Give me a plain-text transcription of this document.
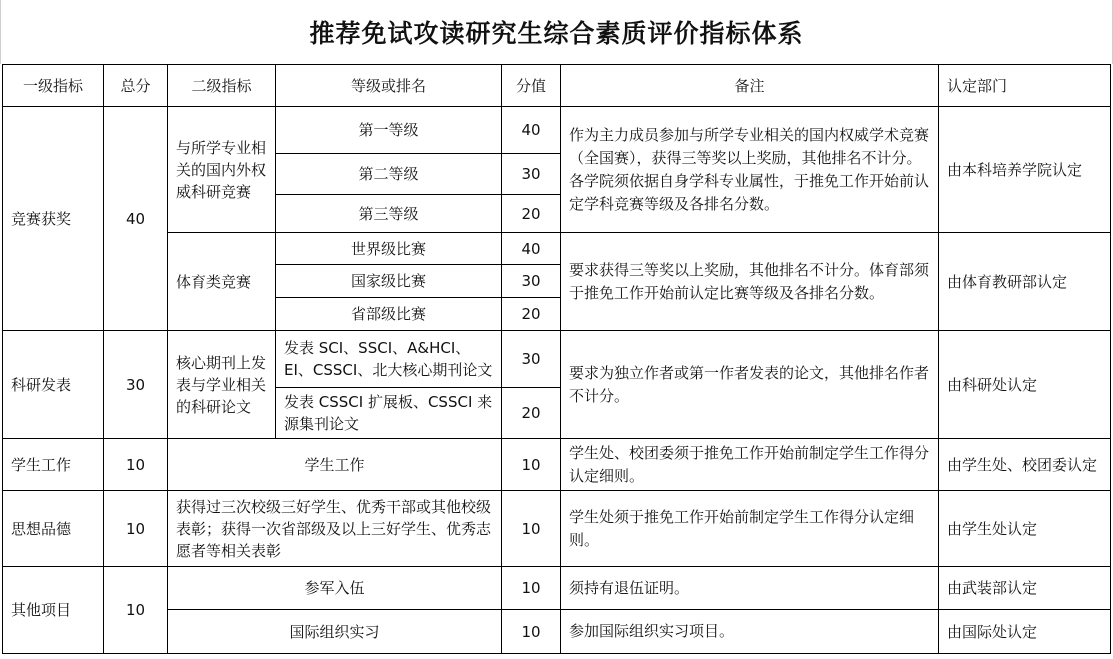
推荐免试攻读研究生综合素质评价指标体系
一级指标	总分	二级指标	等级或排名	分值	备注	认定部门
竞赛获奖	40	与所学专业相关的国内外权威科研竞赛	第一等级	40	作为主力成员参加与所学专业相关的国内权威学术竞赛（全国赛），获得三等奖以上奖励，其他排名不计分。各学院须依据自身学科专业属性，于推免工作开始前认定学科竞赛等级及各排名分数。	由本科培养学院认定
			第二等级	30		
			第三等级	20		
		体育类竞赛	世界级比赛	40	要求获得三等奖以上奖励，其他排名不计分。体育部须于推免工作开始前认定比赛等级及各排名分数。	由体育教研部认定
			国家级比赛	30		
			省部级比赛	20		
科研发表	30	核心期刊上发表与学业相关的科研论文	发表 SCI、SSCI、A&HCI、EI、CSSCI、北大核心期刊论文	30	要求为独立作者或第一作者发表的论文，其他排名作者不计分。	由科研处认定
			发表 CSSCI 扩展板、CSSCI 来源集刊论文	20		
学生工作	10	学生工作		10	学生处、校团委须于推免工作开始前制定学生工作得分认定细则。	由学生处、校团委认定
思想品德	10	获得过三次校级三好学生、优秀干部或其他校级表彰；获得一次省部级及以上三好学生、优秀志愿者等相关表彰		10	学生处须于推免工作开始前制定学生工作得分认定细则。	由学生处认定
其他项目	10	参军入伍		10	须持有退伍证明。	由武装部认定
		国际组织实习		10	参加国际组织实习项目。	由国际处认定
